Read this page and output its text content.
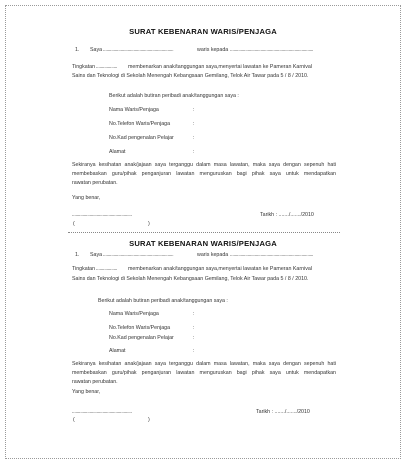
SURAT KEBENARAN WARIS/PENJAGA
1. Saya ............................................................	waris kepada .......................................................................
Tingkatan .................. membenarkan anak/tanggungan saya,menyertai lawatan ke Pameran Karnival
Sains dan Teknologi di Sekolah Menengah Kebangsaan Gemilang, Telok Air Tawar pada 5 / 8 / 2010.
Berikut adalah butiran peribadi anak/tanggungan saya :
Nama Waris/Penjaga	:
No.Telefon Waris/Penjaga	:
No.Kad pengenalan Pelajar	:
Alamat	:
Sekiranya kesihatan anak/jajaan saya terganggu dalam masa lawatan, maka saya dengan sepenuh hati
membebaskan guru/pihak penganjuran lawatan menguruskan bagi pihak saya untuk mendapatkan
rawatan perubatan.
Yang benar,
...................................................	Tarikh : ......./......./2010
(	)
SURAT KEBENARAN WARIS/PENJAGA
1. Saya ............................................................	waris kepada .......................................................................
Tingkatan .................. membenarkan anak/tanggungan saya,menyertai lawatan ke Pameran Karnival
Sains dan Teknologi di Sekolah Menengah Kebangsaan Gemilang, Telok Air Tawar pada 5 / 8 / 2010.
Berikut adalah butiran peribadi anak/tanggungan saya :
Nama Waris/Penjaga	:
No.Telefon Waris/Penjaga	:
No.Kad pengenalan Pelajar	:
Alamat	:
Sekiranya kesihatan anak/jajaan saya terganggu dalam masa lawatan, maka saya dengan sepenuh hati
membebaskan guru/pihak penganjuran lawatan menguruskan bagi pihak saya untuk mendapatkan
rawatan perubatan.
Yang benar,
...................................................	Tarikh : ......./......./2010
(	)
